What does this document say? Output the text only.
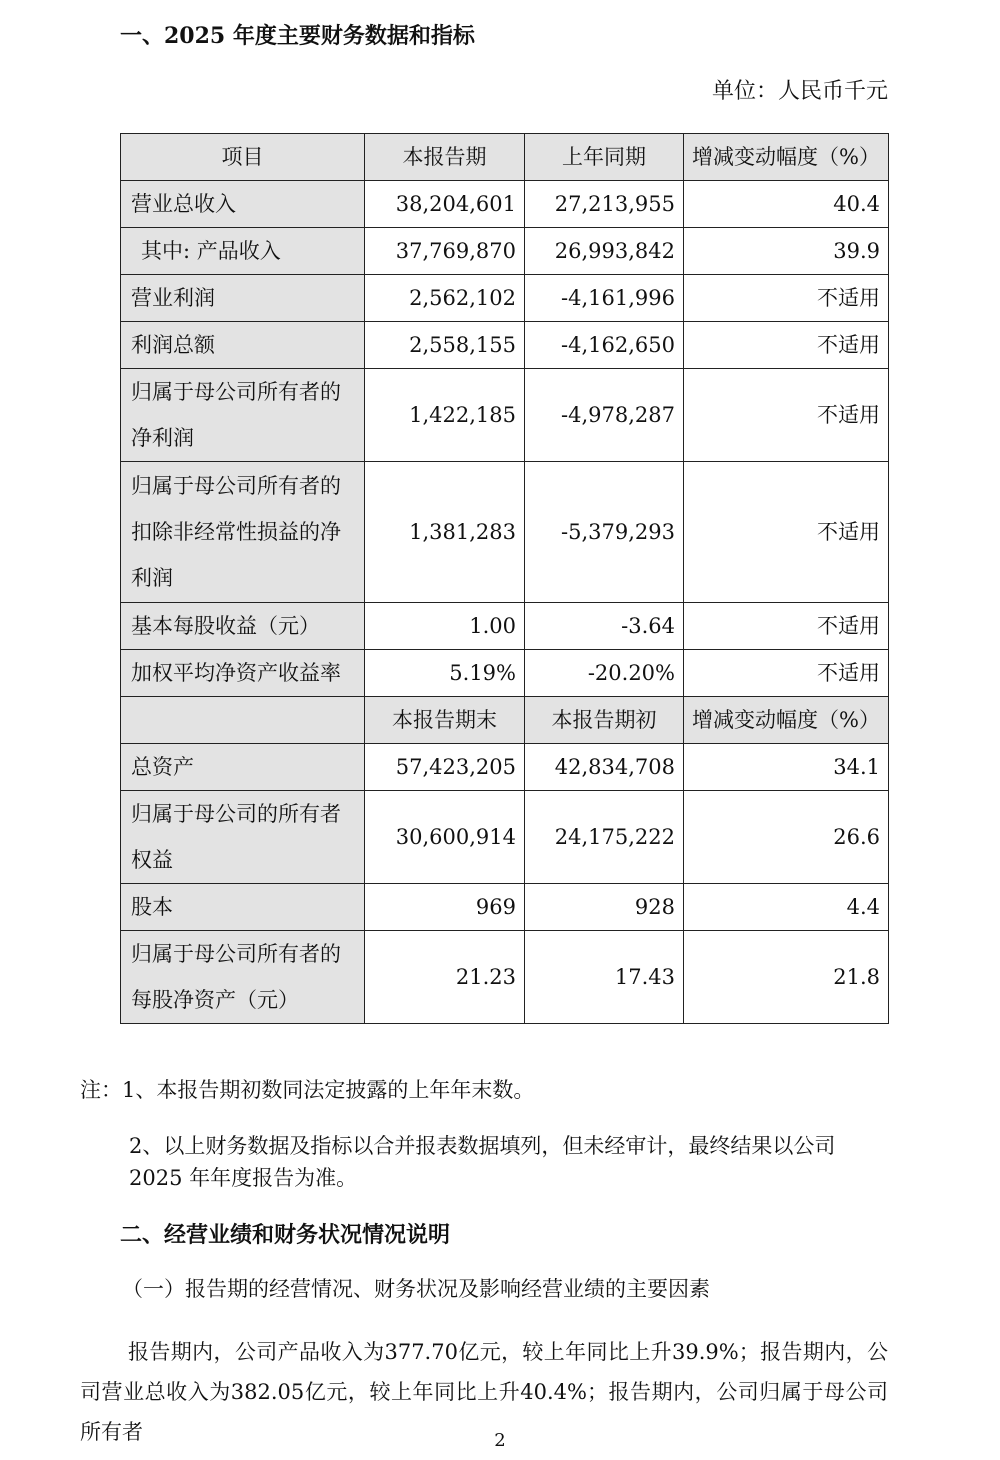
一、2025 年度主要财务数据和指标
单位：人民币千元
项目	本报告期	上年同期	增减变动幅度（%）
营业总收入	38,204,601	27,213,955	40.4
其中: 产品收入	37,769,870	26,993,842	39.9
营业利润	2,562,102	-4,161,996	不适用
利润总额	2,558,155	-4,162,650	不适用
归属于母公司所有者的净利润	1,422,185	-4,978,287	不适用
归属于母公司所有者的扣除非经常性损益的净利润	1,381,283	-5,379,293	不适用
基本每股收益（元）	1.00	-3.64	不适用
加权平均净资产收益率	5.19%	-20.20%	不适用
	本报告期末	本报告期初	增减变动幅度（%）
总资产	57,423,205	42,834,708	34.1
归属于母公司的所有者权益	30,600,914	24,175,222	26.6
股本	969	928	4.4
归属于母公司所有者的每股净资产（元）	21.23	17.43	21.8
注：1、本报告期初数同法定披露的上年年末数。
2、以上财务数据及指标以合并报表数据填列，但未经审计，最终结果以公司 2025 年年度报告为准。
二、经营业绩和财务状况情况说明
（一）报告期的经营情况、财务状况及影响经营业绩的主要因素
报告期内，公司产品收入为377.70亿元，较上年同比上升39.9%；报告期内，公司营业总收入为382.05亿元，较上年同比上升40.4%；报告期内，公司归属于母公司所有者	2
